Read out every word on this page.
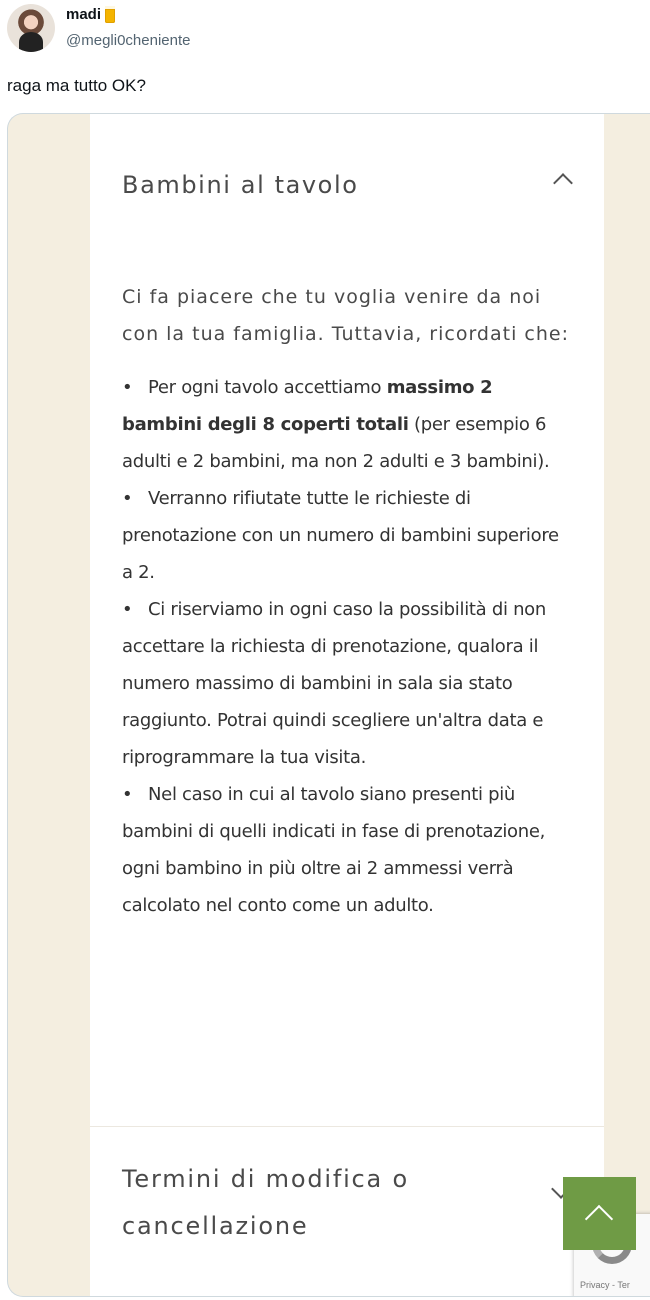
madi
@megli0cheniente
raga ma tutto OK?
Bambini al tavolo

Ci fa piacere che tu voglia venire da noi con la tua famiglia. Tuttavia, ricordati che:

• Per ogni tavolo accettiamo massimo 2 bambini degli 8 coperti totali (per esempio 6 adulti e 2 bambini, ma non 2 adulti e 3 bambini).
• Verranno rifiutate tutte le richieste di prenotazione con un numero di bambini superiore a 2.
• Ci riserviamo in ogni caso la possibilità di non accettare la richiesta di prenotazione, qualora il numero massimo di bambini in sala sia stato raggiunto. Potrai quindi scegliere un'altra data e riprogrammare la tua visita.
• Nel caso in cui al tavolo siano presenti più bambini di quelli indicati in fase di prenotazione, ogni bambino in più oltre ai 2 ammessi verrà calcolato nel conto come un adulto.
Termini di modifica o cancellazione
Privacy - Ter
